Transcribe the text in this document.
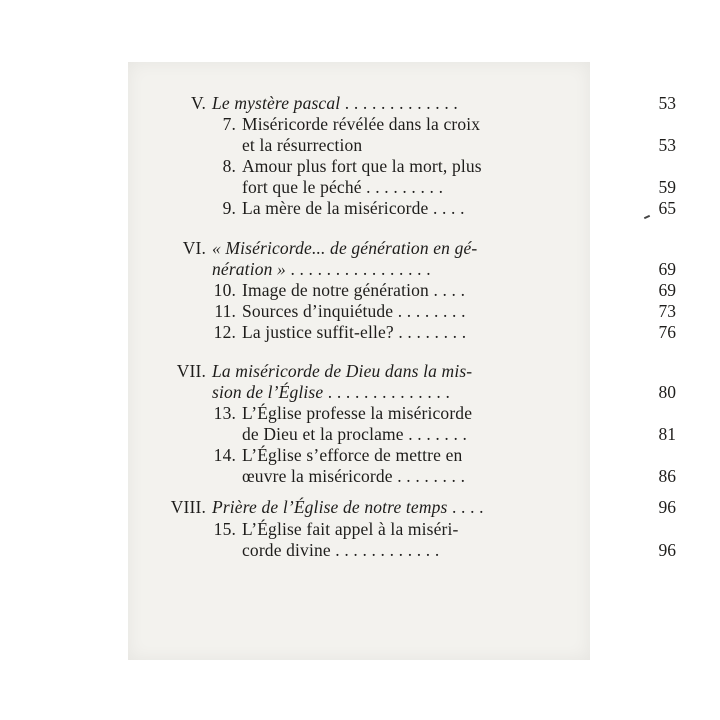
V. Le mystère pascal . . . . . . . . . . . . .	53
7. Miséricorde révélée dans la croix
et la résurrection	53
8. Amour plus fort que la mort, plus
fort que le péché . . . . . . . . .	59
9. La mère de la miséricorde . . . .	65
VI. « Miséricorde... de génération en gé-
nération » . . . . . . . . . . . . . . . .	69
10. Image de notre génération . . . .	69
11. Sources d’inquiétude . . . . . . . .	73
12. La justice suffit-elle? . . . . . . . .	76
VII. La miséricorde de Dieu dans la mis-
sion de l’Église . . . . . . . . . . . . . .	80
13. L’Église professe la miséricorde
de Dieu et la proclame . . . . . . .	81
14. L’Église s’efforce de mettre en
œuvre la miséricorde . . . . . . . .	86
VIII. Prière de l’Église de notre temps . . . .	96
15. L’Église fait appel à la miséri-
corde divine . . . . . . . . . . . .	96
